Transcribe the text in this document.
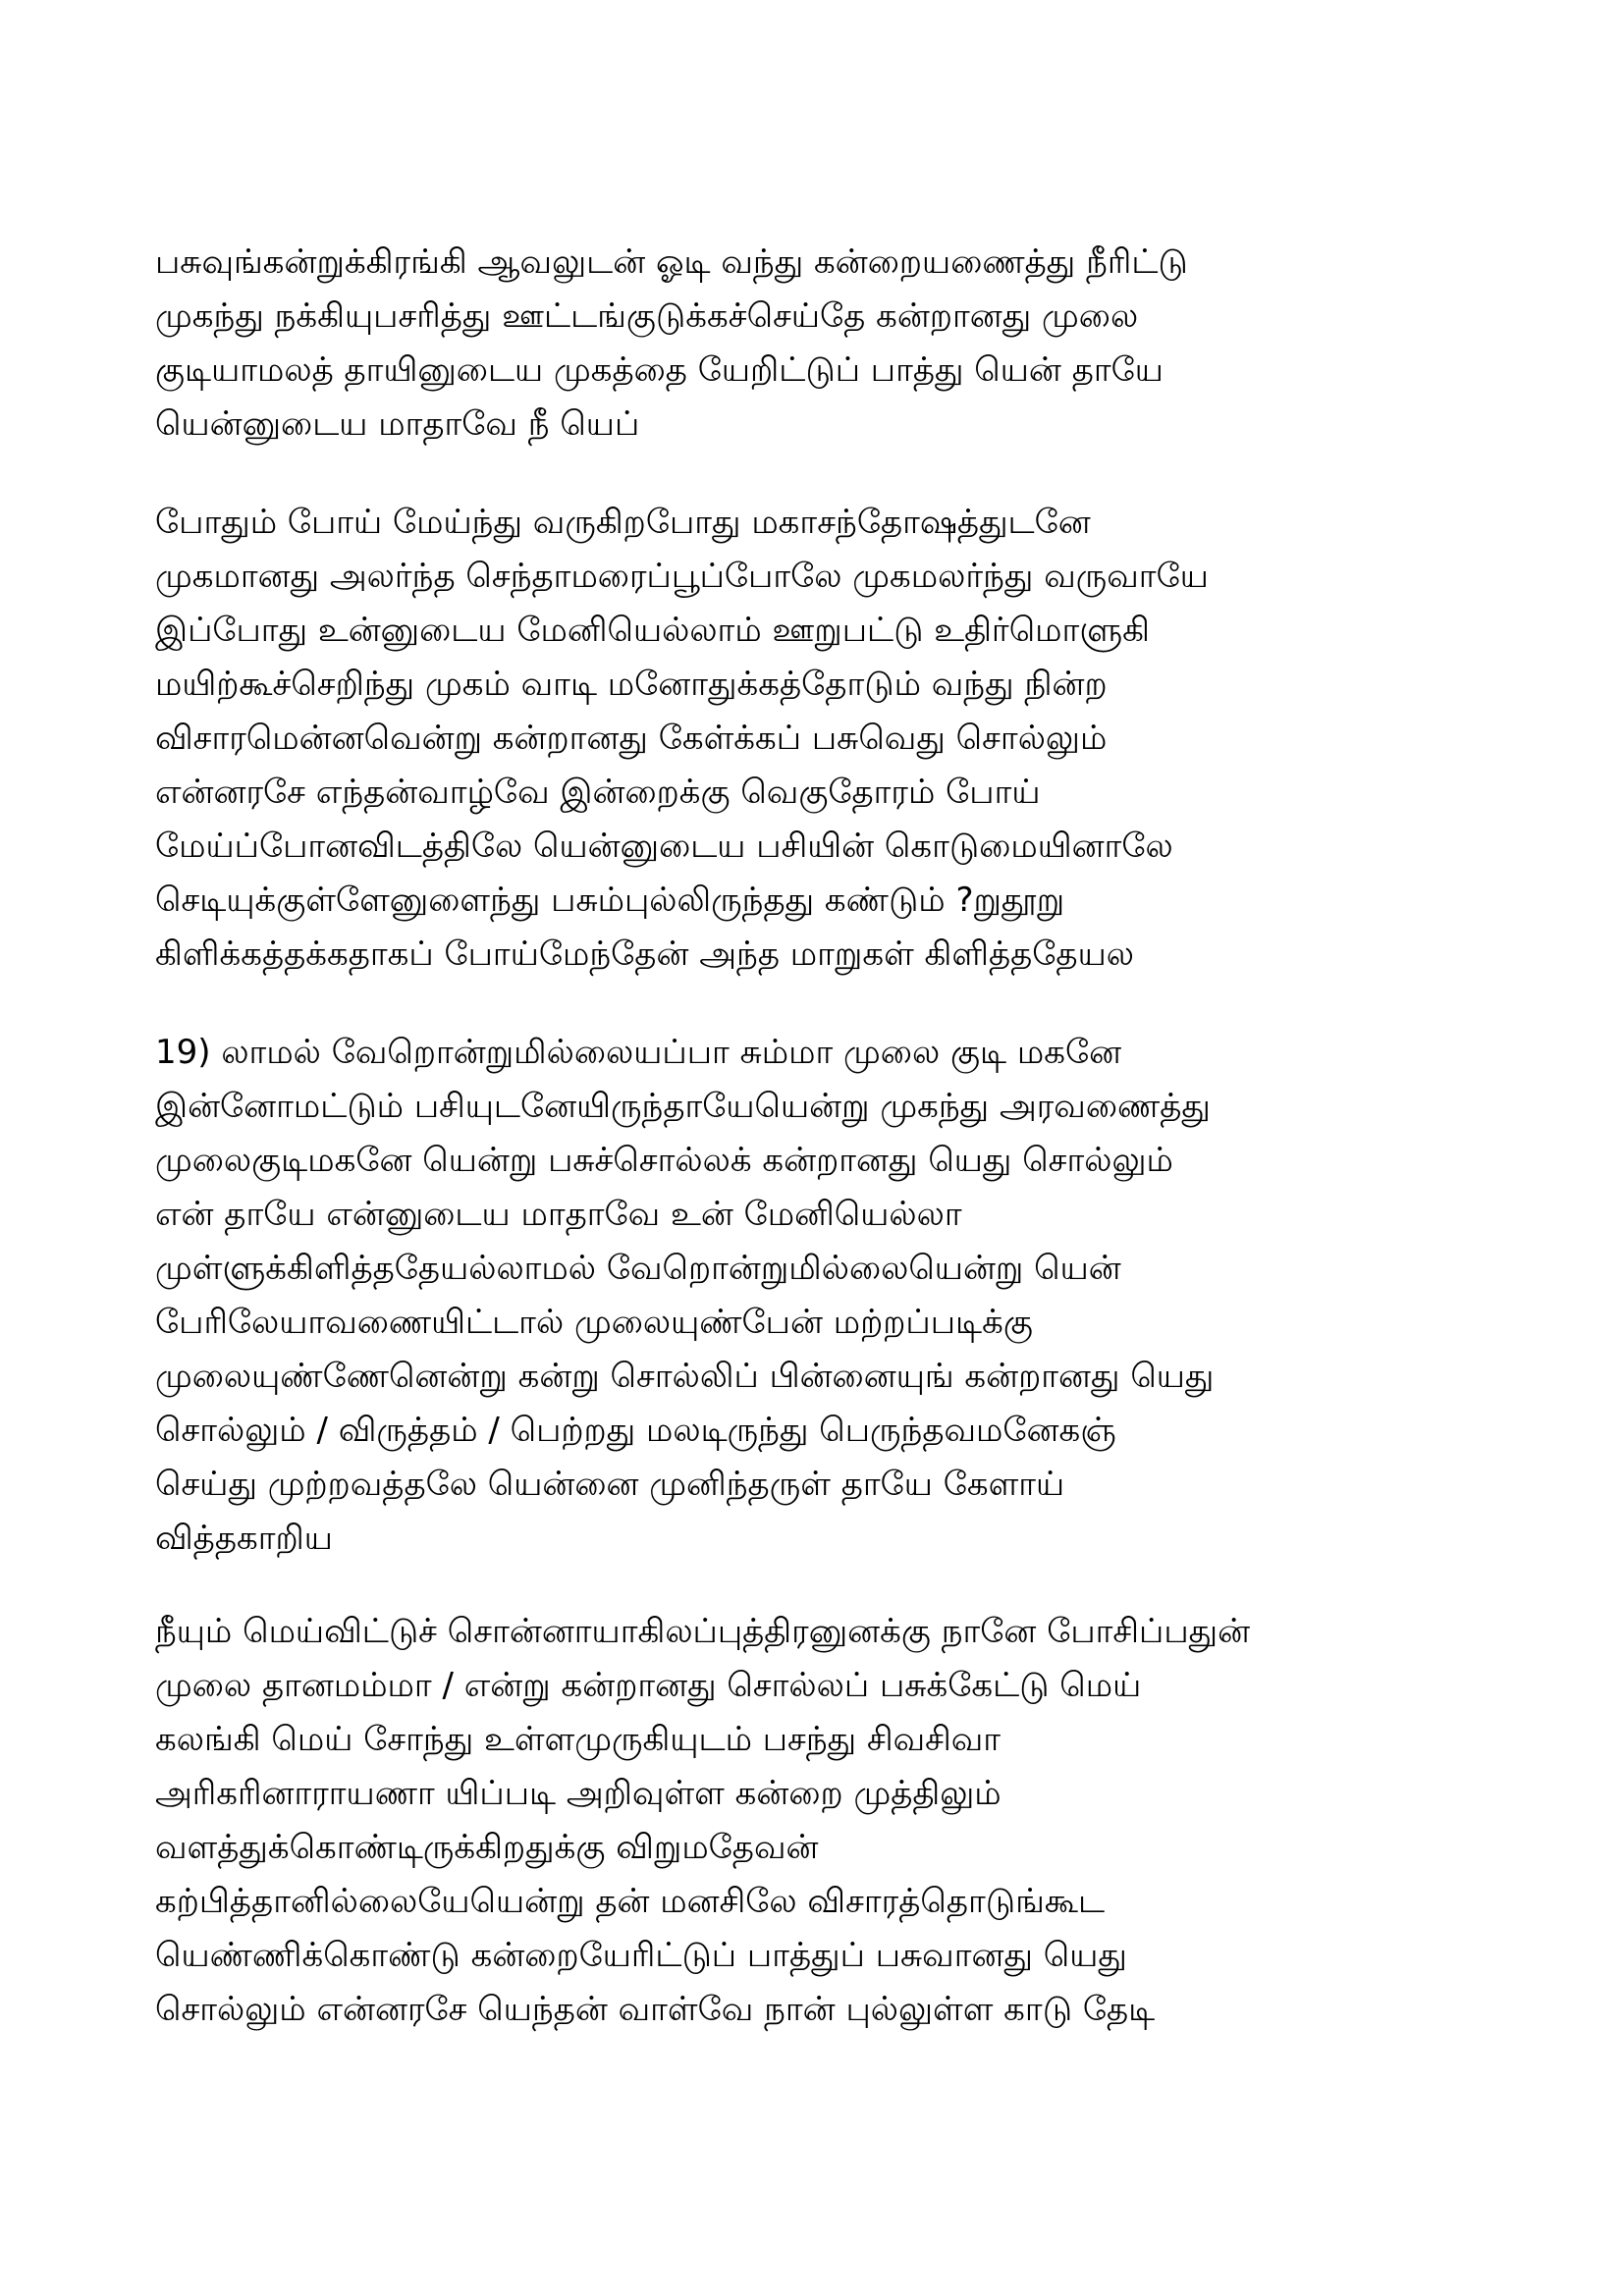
பசுவுங்கன்றுக்கிரங்கி ஆவலுடன் ஓடி வந்து கன்றையணைத்து நீரிட்டு
முகந்து நக்கியுபசரித்து ஊட்டங்குடுக்கச்செய்தே கன்றானது முலை
குடியாமலத் தாயினுடைய முகத்தை யேறிட்டுப் பாத்து யென் தாயே
யென்னுடைய மாதாவே நீ யெப்
போதும் போய் மேய்ந்து வருகிறபோது மகாசந்தோஷத்துடனே
முகமானது அலர்ந்த செந்தாமரைப்பூப்போலே முகமலர்ந்து வருவாயே
இப்போது உன்னுடைய மேனியெல்லாம் ஊறுபட்டு உதிர்மொளுகி
மயிற்கூச்செறிந்து முகம் வாடி மனோதுக்கத்தோடும் வந்து நின்ற
விசாரமென்னவென்று கன்றானது கேள்க்கப் பசுவெது சொல்லும்
என்னரசே எந்தன்வாழ்வே இன்றைக்கு வெகுதோரம் போய்
மேய்ப்போனவிடத்திலே யென்னுடைய பசியின் கொடுமையினாலே
செடியுக்குள்ளேனுளைந்து பசும்புல்லிருந்தது கண்டும் ?றுதூறு
கிளிக்கத்தக்கதாகப் போய்மேந்தேன் அந்த மாறுகள் கிளித்ததேயல
19) லாமல் வேறொன்றுமில்லையப்பா சும்மா முலை குடி மகனே
இன்னோமட்டும் பசியுடனேயிருந்தாயேயென்று முகந்து அரவணைத்து
முலைகுடிமகனே யென்று பசுச்சொல்லக் கன்றானது யெது சொல்லும்
என் தாயே என்னுடைய மாதாவே உன் மேனியெல்லா
முள்ளுக்கிளித்ததேயல்லாமல் வேறொன்றுமில்லையென்று யென்
பேரிலேயாவணையிட்டால் முலையுண்பேன் மற்றப்படிக்கு
முலையுண்ணேனென்று கன்று சொல்லிப் பின்னையுங் கன்றானது யெது
சொல்லும் / விருத்தம் / பெற்றது மலடிருந்து பெருந்தவமனேகஞ்
செய்து முற்றவத்தலே யென்னை முனிந்தருள் தாயே கேளாய்
வித்தகாறிய
நீயும் மெய்விட்டுச் சொன்னாயாகிலப்புத்திரனுனக்கு நானே போசிப்பதுன்
முலை தானமம்மா / என்று கன்றானது சொல்லப் பசுக்கேட்டு மெய்
கலங்கி மெய் சோந்து உள்ளமுருகியுடம் பசந்து சிவசிவா
அரிகரினாராயணா யிப்படி அறிவுள்ள கன்றை முத்திலும்
வளத்துக்கொண்டிருக்கிறதுக்கு விறுமதேவன்
கற்பித்தானில்லையேயென்று தன் மனசிலே விசாரத்தொடுங்கூட
யெண்ணிக்கொண்டு கன்றையேரிட்டுப் பாத்துப் பசுவானது யெது
சொல்லும் என்னரசே யெந்தன் வாள்வே நான் புல்லுள்ள காடு தேடி
